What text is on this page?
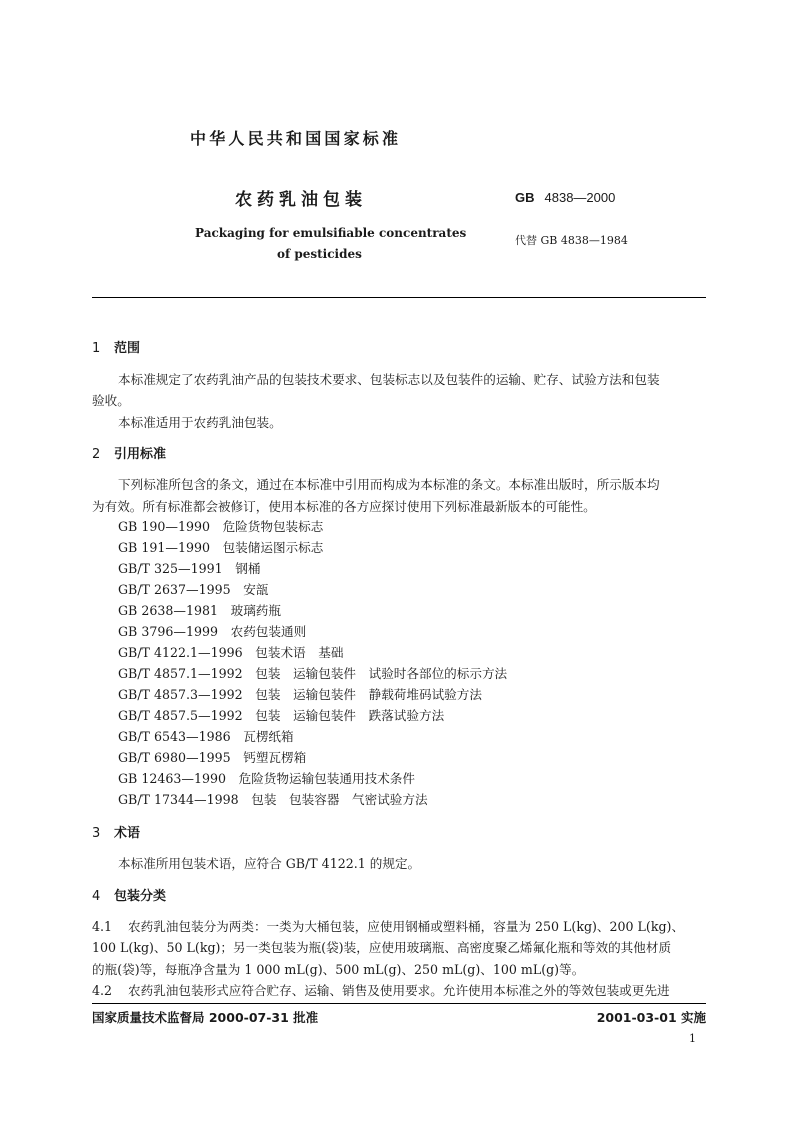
中华人民共和国国家标准
农药乳油包装	GB 4838—2000
Packaging for emulsifiable concentrates
of pesticides
代替 GB 4838—1984
1 范围
本标准规定了农药乳油产品的包装技术要求、包装标志以及包装件的运输、贮存、试验方法和包装
验收。
本标准适用于农药乳油包装。
2 引用标准
下列标准所包含的条文，通过在本标准中引用而构成为本标准的条文。本标准出版时，所示版本均
为有效。所有标准都会被修订，使用本标准的各方应探讨使用下列标准最新版本的可能性。
GB 190—1990　危险货物包装标志
GB 191—1990　包装储运图示标志
GB/T 325—1991　钢桶
GB/T 2637—1995　安瓿
GB 2638—1981　玻璃药瓶
GB 3796—1999　农药包装通则
GB/T 4122.1—1996　包装术语　基础
GB/T 4857.1—1992　包装　运输包装件　试验时各部位的标示方法
GB/T 4857.3—1992　包装　运输包装件　静载荷堆码试验方法
GB/T 4857.5—1992　包装　运输包装件　跌落试验方法
GB/T 6543—1986　瓦楞纸箱
GB/T 6980—1995　钙塑瓦楞箱
GB 12463—1990　危险货物运输包装通用技术条件
GB/T 17344—1998　包装　包装容器　气密试验方法
3 术语
本标准所用包装术语，应符合 GB/T 4122.1 的规定。
4 包装分类
4.1 农药乳油包装分为两类：一类为大桶包装，应使用钢桶或塑料桶，容量为 250 L(kg)、200 L(kg)、
100 L(kg)、50 L(kg)；另一类包装为瓶(袋)装，应使用玻璃瓶、高密度聚乙烯氟化瓶和等效的其他材质
的瓶(袋)等，每瓶净含量为 1 000 mL(g)、500 mL(g)、250 mL(g)、100 mL(g)等。
4.2 农药乳油包装形式应符合贮存、运输、销售及使用要求。允许使用本标准之外的等效包装或更先进
国家质量技术监督局 2000-07-31 批准	2001-03-01 实施
1
